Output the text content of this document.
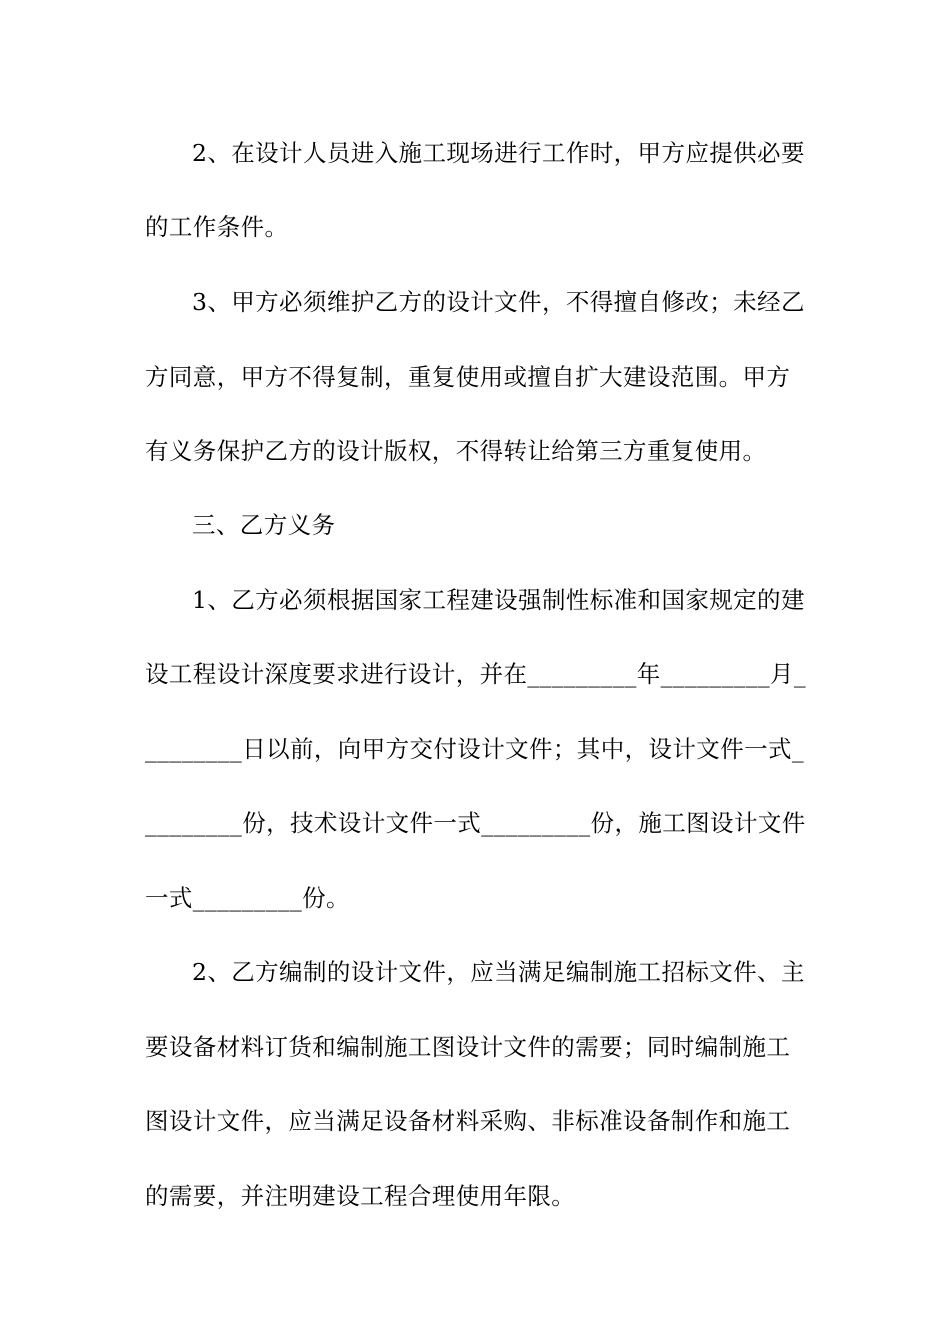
2、在设计人员进入施工现场进行工作时，甲方应提供必要
的工作条件。
3、甲方必须维护乙方的设计文件，不得擅自修改；未经乙
方同意，甲方不得复制，重复使用或擅自扩大建设范围。甲方
有义务保护乙方的设计版权，不得转让给第三方重复使用。
三、乙方义务
1、乙方必须根据国家工程建设强制性标准和国家规定的建
设工程设计深度要求进行设计，并在_________年_________月_
________日以前，向甲方交付设计文件；其中，设计文件一式_
________份，技术设计文件一式_________份，施工图设计文件
一式_________份。
2、乙方编制的设计文件，应当满足编制施工招标文件、主
要设备材料订货和编制施工图设计文件的需要；同时编制施工
图设计文件，应当满足设备材料采购、非标准设备制作和施工
的需要，并注明建设工程合理使用年限。
